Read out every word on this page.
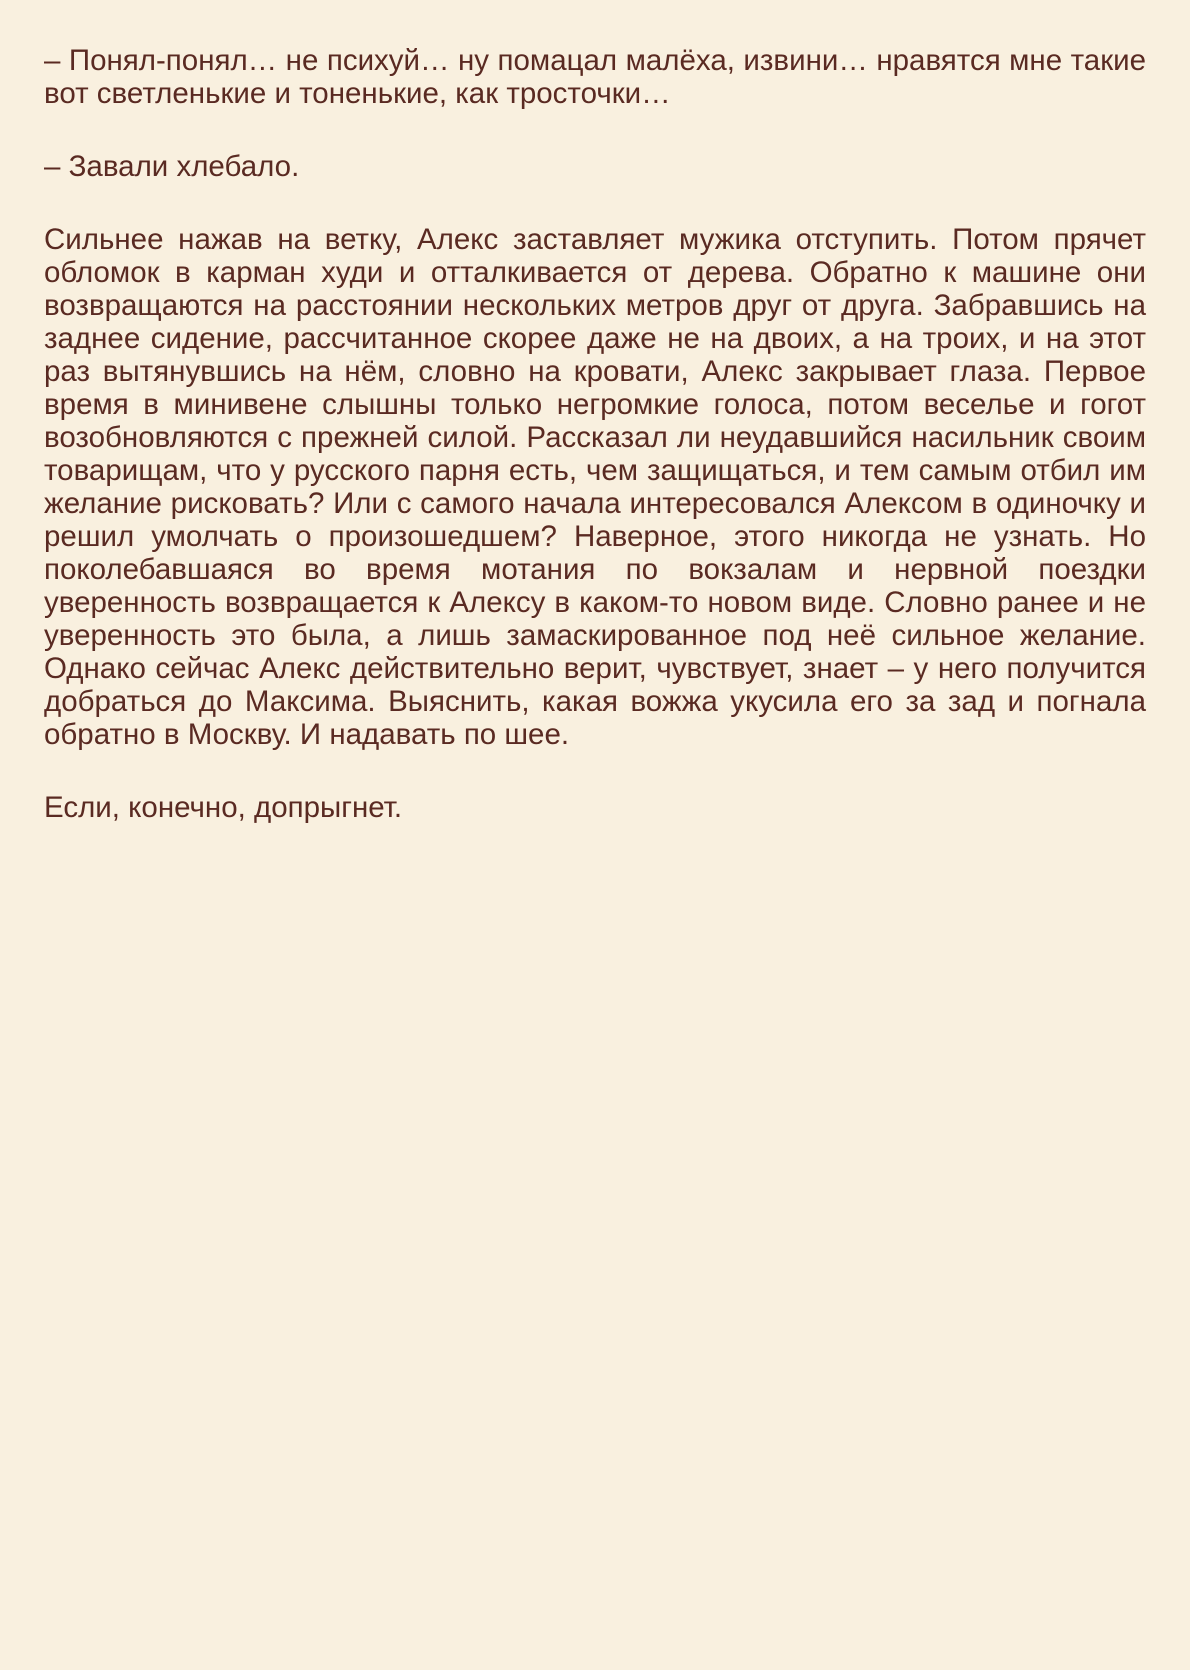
– Понял-понял… не психуй… ну помацал малёха, извини… нравятся мне такие вот светленькие и тоненькие, как тросточки…

– Завали хлебало.

Сильнее нажав на ветку, Алекс заставляет мужика отступить. Потом прячет обломок в карман худи и отталкивается от дерева. Обратно к машине они возвращаются на расстоянии нескольких метров друг от друга. Забравшись на заднее сидение, рассчитанное скорее даже не на двоих, а на троих, и на этот раз вытянувшись на нём, словно на кровати, Алекс закрывает глаза. Первое время в минивене слышны только негромкие голоса, потом веселье и гогот возобновляются с прежней силой. Рассказал ли неудавшийся насильник своим товарищам, что у русского парня есть, чем защищаться, и тем самым отбил им желание рисковать? Или с самого начала интересовался Алексом в одиночку и решил умолчать о произошедшем? Наверное, этого никогда не узнать. Но поколебавшаяся во время мотания по вокзалам и нервной поездки уверенность возвращается к Алексу в каком-то новом виде. Словно ранее и не уверенность это была, а лишь замаскированное под неё сильное желание. Однако сейчас Алекс действительно верит, чувствует, знает – у него получится добраться до Максима. Выяснить, какая вожжа укусила его за зад и погнала обратно в Москву. И надавать по шее.

Если, конечно, допрыгнет.
